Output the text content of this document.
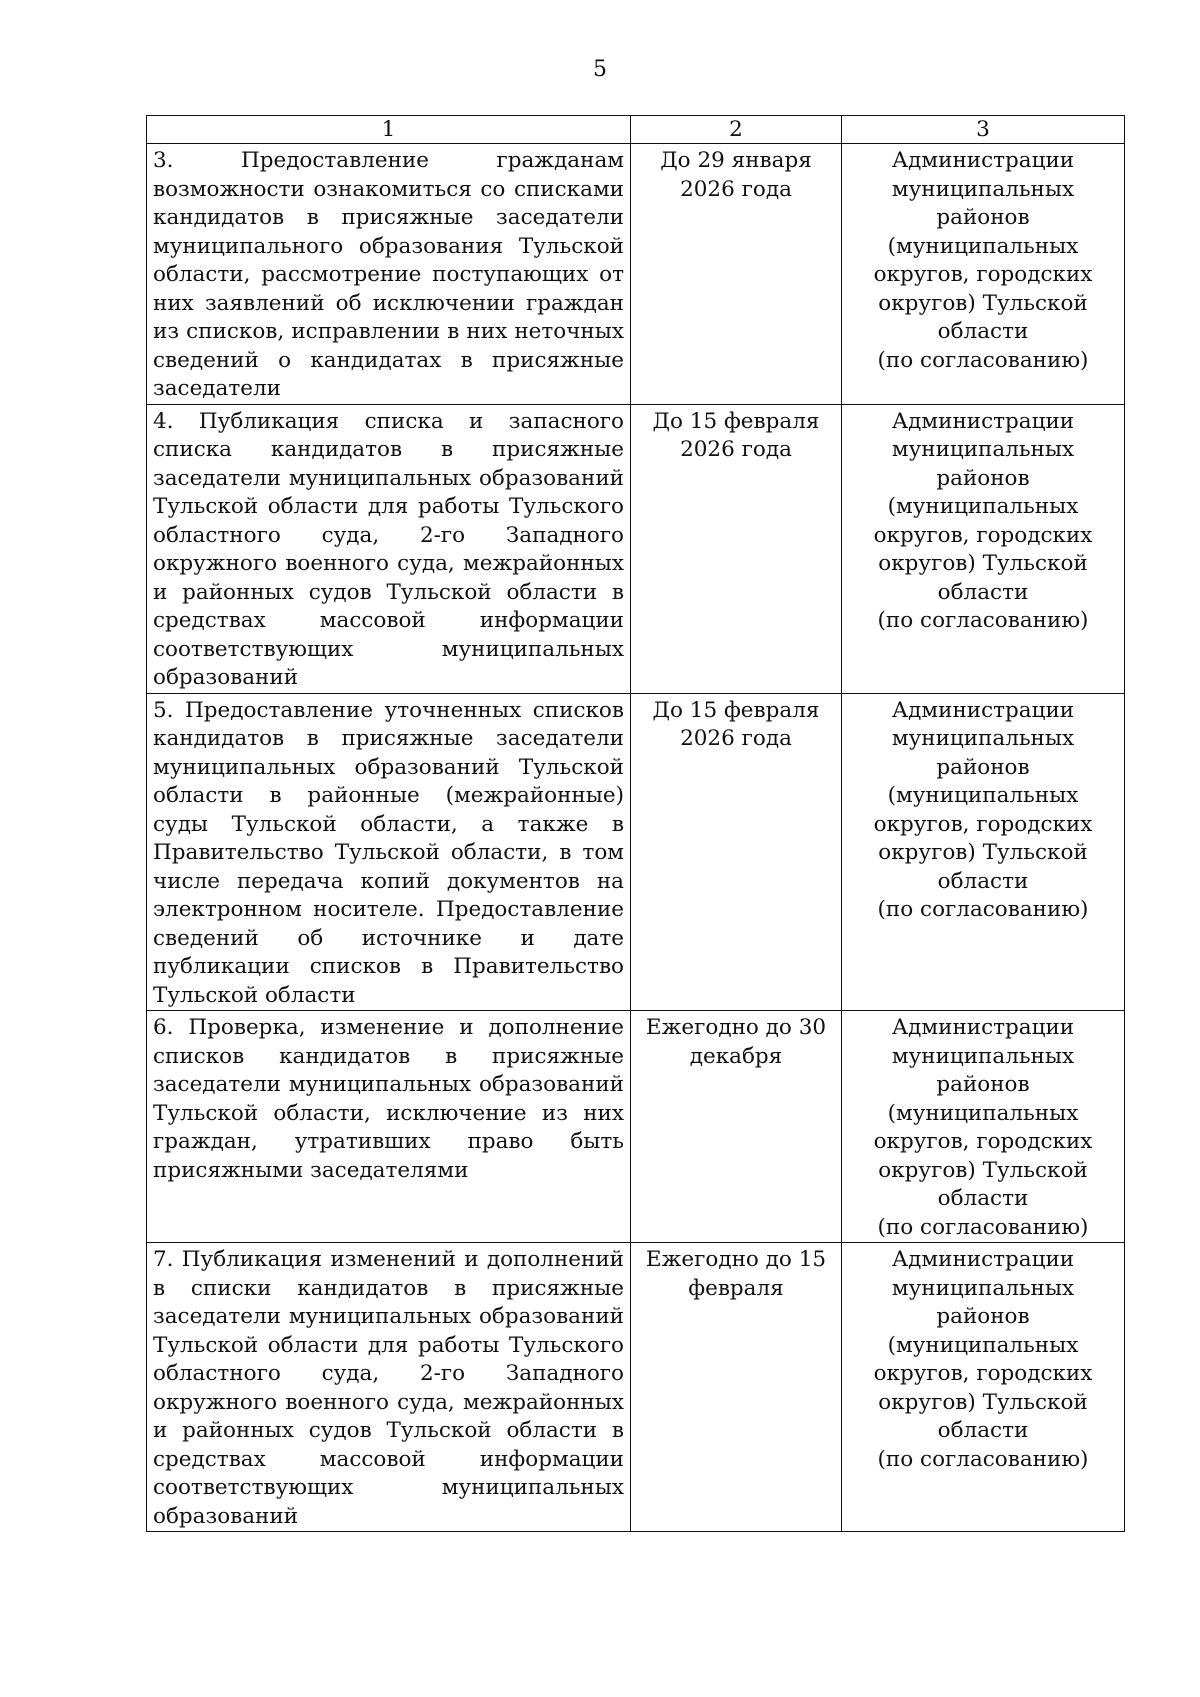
5
1	2	3
3. Предоставление гражданам возможности ознакомиться со списками кандидатов в присяжные заседатели муниципального образования Тульской области, рассмотрение поступающих от них заявлений об исключении граждан из списков, исправлении в них неточных сведений о кандидатах в присяжные заседатели	До 29 января 2026 года	Администрации муниципальных районов (муниципальных округов, городских округов) Тульской области
(по согласованию)

4. Публикация списка и запасного списка кандидатов в присяжные заседатели муниципальных образований Тульской области для работы Тульского областного суда, 2-го Западного окружного военного суда, межрайонных и районных судов Тульской области в средствах массовой информации соответствующих муниципальных образований	До 15 февраля 2026 года	Администрации муниципальных районов (муниципальных округов, городских округов) Тульской области
(по согласованию)

5. Предоставление уточненных списков кандидатов в присяжные заседатели муниципальных образований Тульской области в районные (межрайонные) суды Тульской области, а также в Правительство Тульской области, в том числе передача копий документов на электронном носителе. Предоставление сведений об источнике и дате публикации списков в Правительство Тульской области	До 15 февраля 2026 года	Администрации муниципальных районов (муниципальных округов, городских округов) Тульской области
(по согласованию)

6. Проверка, изменение и дополнение списков кандидатов в присяжные заседатели муниципальных образований Тульской области, исключение из них граждан, утративших право быть присяжными заседателями	Ежегодно до 30 декабря	Администрации муниципальных районов (муниципальных округов, городских округов) Тульской области
(по согласованию)

7. Публикация изменений и дополнений в списки кандидатов в присяжные заседатели муниципальных образований Тульской области для работы Тульского областного суда, 2-го Западного окружного военного суда, межрайонных и районных судов Тульской области в средствах массовой информации соответствующих муниципальных образований	Ежегодно до 15 февраля	Администрации муниципальных районов (муниципальных округов, городских округов) Тульской области
(по согласованию)
